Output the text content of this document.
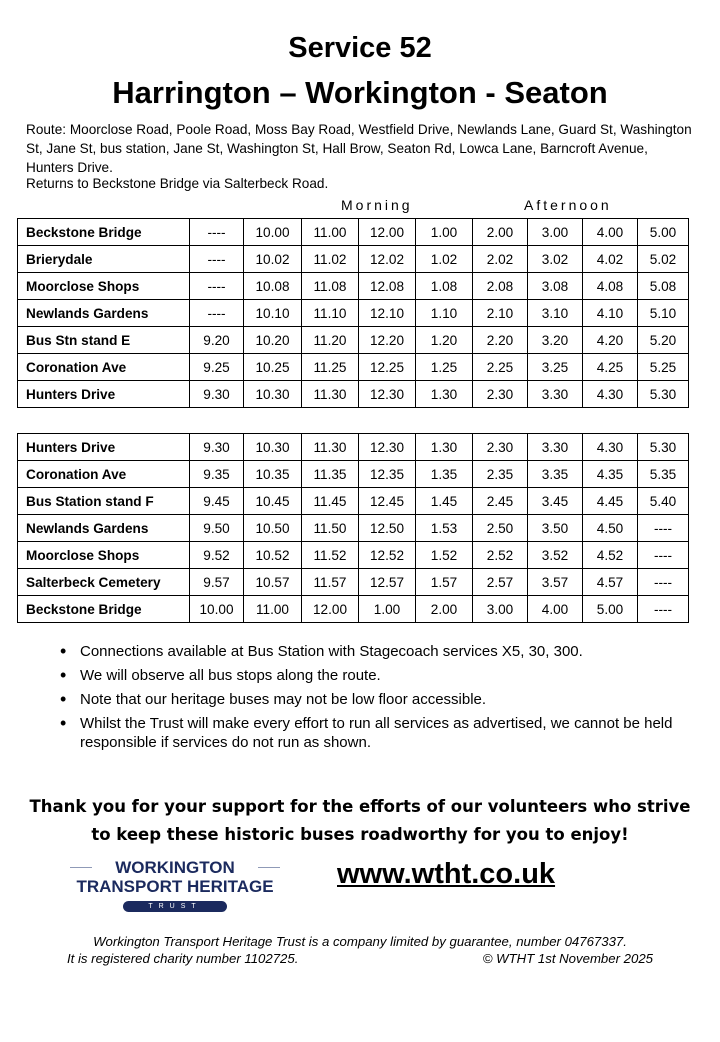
Service 52
Harrington – Workington - Seaton
Route: Moorclose Road, Poole Road, Moss Bay Road, Westfield Drive, Newlands Lane, Guard St, Washington St, Jane St, bus station, Jane St, Washington St, Hall Brow, Seaton Rd, Lowca Lane, Barncroft Avenue, Hunters Drive.
Returns to Beckstone Bridge via Salterbeck Road.
Morning	Afternoon
Beckstone Bridge	----	10.00	11.00	12.00	1.00	2.00	3.00	4.00	5.00
Brierydale	----	10.02	11.02	12.02	1.02	2.02	3.02	4.02	5.02
Moorclose Shops	----	10.08	11.08	12.08	1.08	2.08	3.08	4.08	5.08
Newlands Gardens	----	10.10	11.10	12.10	1.10	2.10	3.10	4.10	5.10
Bus Stn stand E	9.20	10.20	11.20	12.20	1.20	2.20	3.20	4.20	5.20
Coronation Ave	9.25	10.25	11.25	12.25	1.25	2.25	3.25	4.25	5.25
Hunters Drive	9.30	10.30	11.30	12.30	1.30	2.30	3.30	4.30	5.30
Hunters Drive	9.30	10.30	11.30	12.30	1.30	2.30	3.30	4.30	5.30
Coronation Ave	9.35	10.35	11.35	12.35	1.35	2.35	3.35	4.35	5.35
Bus Station stand F	9.45	10.45	11.45	12.45	1.45	2.45	3.45	4.45	5.40
Newlands Gardens	9.50	10.50	11.50	12.50	1.53	2.50	3.50	4.50	----
Moorclose Shops	9.52	10.52	11.52	12.52	1.52	2.52	3.52	4.52	----
Salterbeck Cemetery	9.57	10.57	11.57	12.57	1.57	2.57	3.57	4.57	----
Beckstone Bridge	10.00	11.00	12.00	1.00	2.00	3.00	4.00	5.00	----
• Connections available at Bus Station with Stagecoach services X5, 30, 300.
• We will observe all bus stops along the route.
• Note that our heritage buses may not be low floor accessible.
• Whilst the Trust will make every effort to run all services as advertised, we cannot be held responsible if services do not run as shown.
Thank you for your support for the efforts of our volunteers who strive
to keep these historic buses roadworthy for you to enjoy!
WORKINGTON
TRANSPORT HERITAGE
TRUST
www.wtht.co.uk
Workington Transport Heritage Trust is a company limited by guarantee, number 04767337.
It is registered charity number 1102725.	© WTHT 1st November 2025
